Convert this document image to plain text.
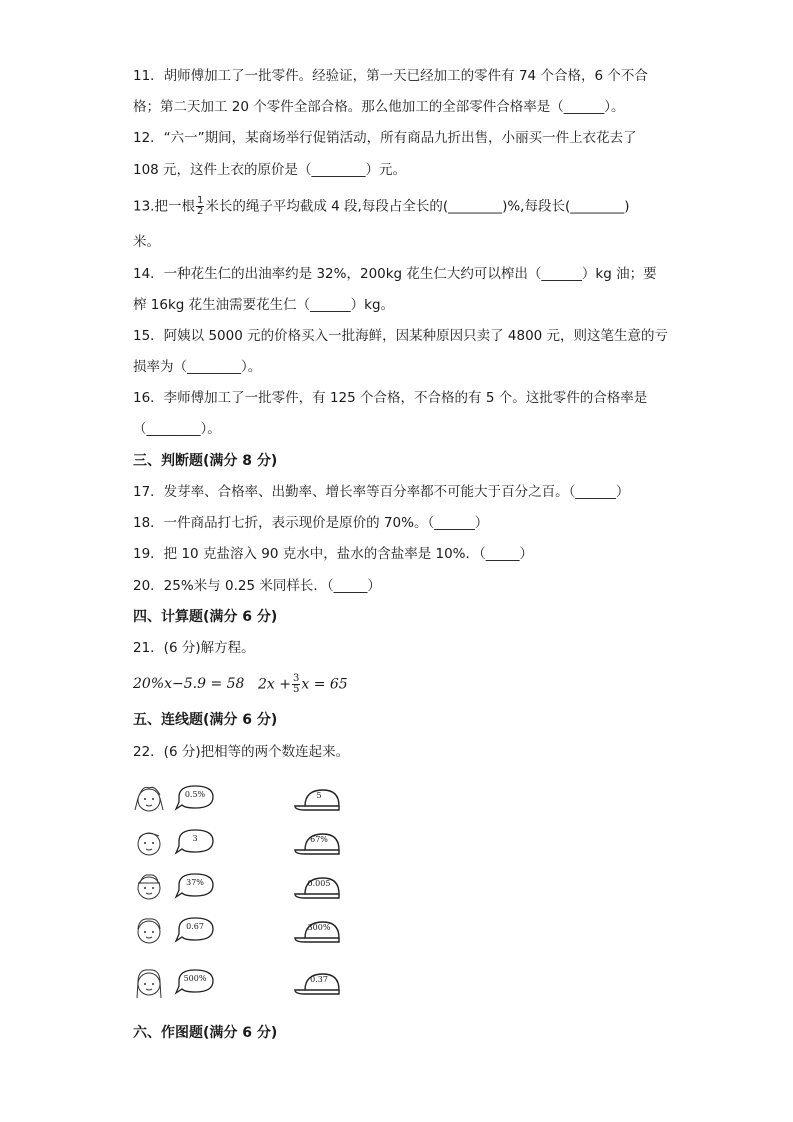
11．胡师傅加工了一批零件。经验证，第一天已经加工的零件有 74 个合格，6 个不合
格；第二天加工 20 个零件全部合格。那么他加工的全部零件合格率是（______）。
12．“六一”期间，某商场举行促销活动，所有商品九折出售，小丽买一件上衣花去了
108 元，这件上衣的原价是（________）元。
13.把一根 $\frac{1}{2}$ 米长的绳子平均截成 4 段,每段占全长的(________)%,每段长(________)
米。
14．一种花生仁的出油率约是 32%，200kg 花生仁大约可以榨出（______）kg 油；要
榨 16kg 花生油需要花生仁（______）kg。
15．阿姨以 5000 元的价格买入一批海鲜，因某种原因只卖了 4800 元，则这笔生意的亏
损率为（________）。
16．李师傅加工了一批零件，有 125 个合格，不合格的有 5 个。这批零件的合格率是
（________）。
三、判断题(满分 8 分)
17．发芽率、合格率、出勤率、增长率等百分率都不可能大于百分之百。（______）
18．一件商品打七折，表示现价是原价的 70%。（______）
19．把 10 克盐溶入 90 克水中，盐水的含盐率是 10%．（_____）
20．25%米与 0.25 米同样长．（_____）
四、计算题(满分 6 分)
21．(6 分)解方程。
20%x−5.9 = 58 $2x + \frac{3}{5}$ x = 65
五、连线题(满分 6 分)
22．(6 分)把相等的两个数连起来。
0.5%	5
3	67%
37%	0.005
0.67	300%
500%	0.37
六、作图题(满分 6 分)
